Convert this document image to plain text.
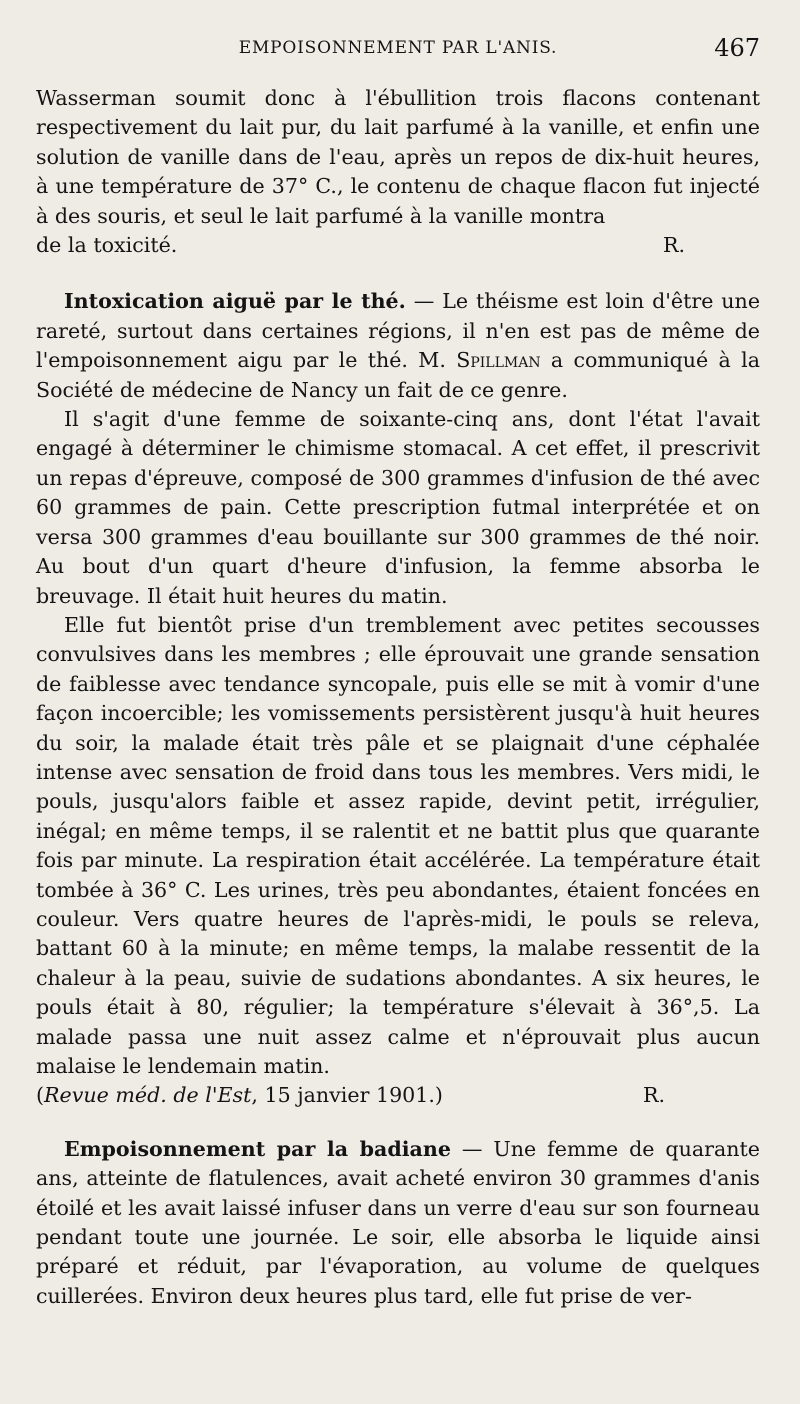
EMPOISONNEMENT PAR L'ANIS.	467

Wasserman soumit donc à l'ébullition trois flacons contenant respectivement du lait pur, du lait parfumé à la vanille, et enfin une solution de vanille dans de l'eau, après un repos de dix-huit heures, à une température de 37° C., le contenu de chaque flacon fut injecté à des souris, et seul le lait parfumé à la vanille montra

de la toxicité.	R.

Intoxication aiguë par le thé. — Le théisme est loin d'être une rareté, surtout dans certaines régions, il n'en est pas de même de l'empoisonnement aigu par le thé. M. Spillman a communiqué à la Société de médecine de Nancy un fait de ce genre.

Il s'agit d'une femme de soixante-cinq ans, dont l'état l'avait engagé à déterminer le chimisme stomacal. A cet effet, il prescrivit un repas d'épreuve, composé de 300 grammes d'infusion de thé avec 60 grammes de pain. Cette prescription futmal interprétée et on versa 300 grammes d'eau bouillante sur 300 grammes de thé noir. Au bout d'un quart d'heure d'infusion, la femme absorba le breuvage. Il était huit heures du matin.

Elle fut bientôt prise d'un tremblement avec petites secousses convulsives dans les membres ; elle éprouvait une grande sensation de faiblesse avec tendance syncopale, puis elle se mit à vomir d'une façon incoercible; les vomissements persistèrent jusqu'à huit heures du soir, la malade était très pâle et se plaignait d'une céphalée intense avec sensation de froid dans tous les membres. Vers midi, le pouls, jusqu'alors faible et assez rapide, devint petit, irrégulier, inégal; en même temps, il se ralentit et ne battit plus que quarante fois par minute. La respiration était accélérée. La température était tombée à 36° C. Les urines, très peu abondantes, étaient foncées en couleur. Vers quatre heures de l'après-midi, le pouls se releva, battant 60 à la minute; en même temps, la malabe ressentit de la chaleur à la peau, suivie de sudations abondantes. A six heures, le pouls était à 80, régulier; la température s'élevait à 36°,5. La malade passa une nuit assez calme et n'éprouvait plus aucun malaise le lendemain matin.

(Revue méd. de l'Est, 15 janvier 1901.)	R.

Empoisonnement par la badiane — Une femme de quarante ans, atteinte de flatulences, avait acheté environ 30 grammes d'anis étoilé et les avait laissé infuser dans un verre d'eau sur son fourneau pendant toute une journée. Le soir, elle absorba le liquide ainsi préparé et réduit, par l'évaporation, au volume de quelques cuillerées. Environ deux heures plus tard, elle fut prise de ver-
